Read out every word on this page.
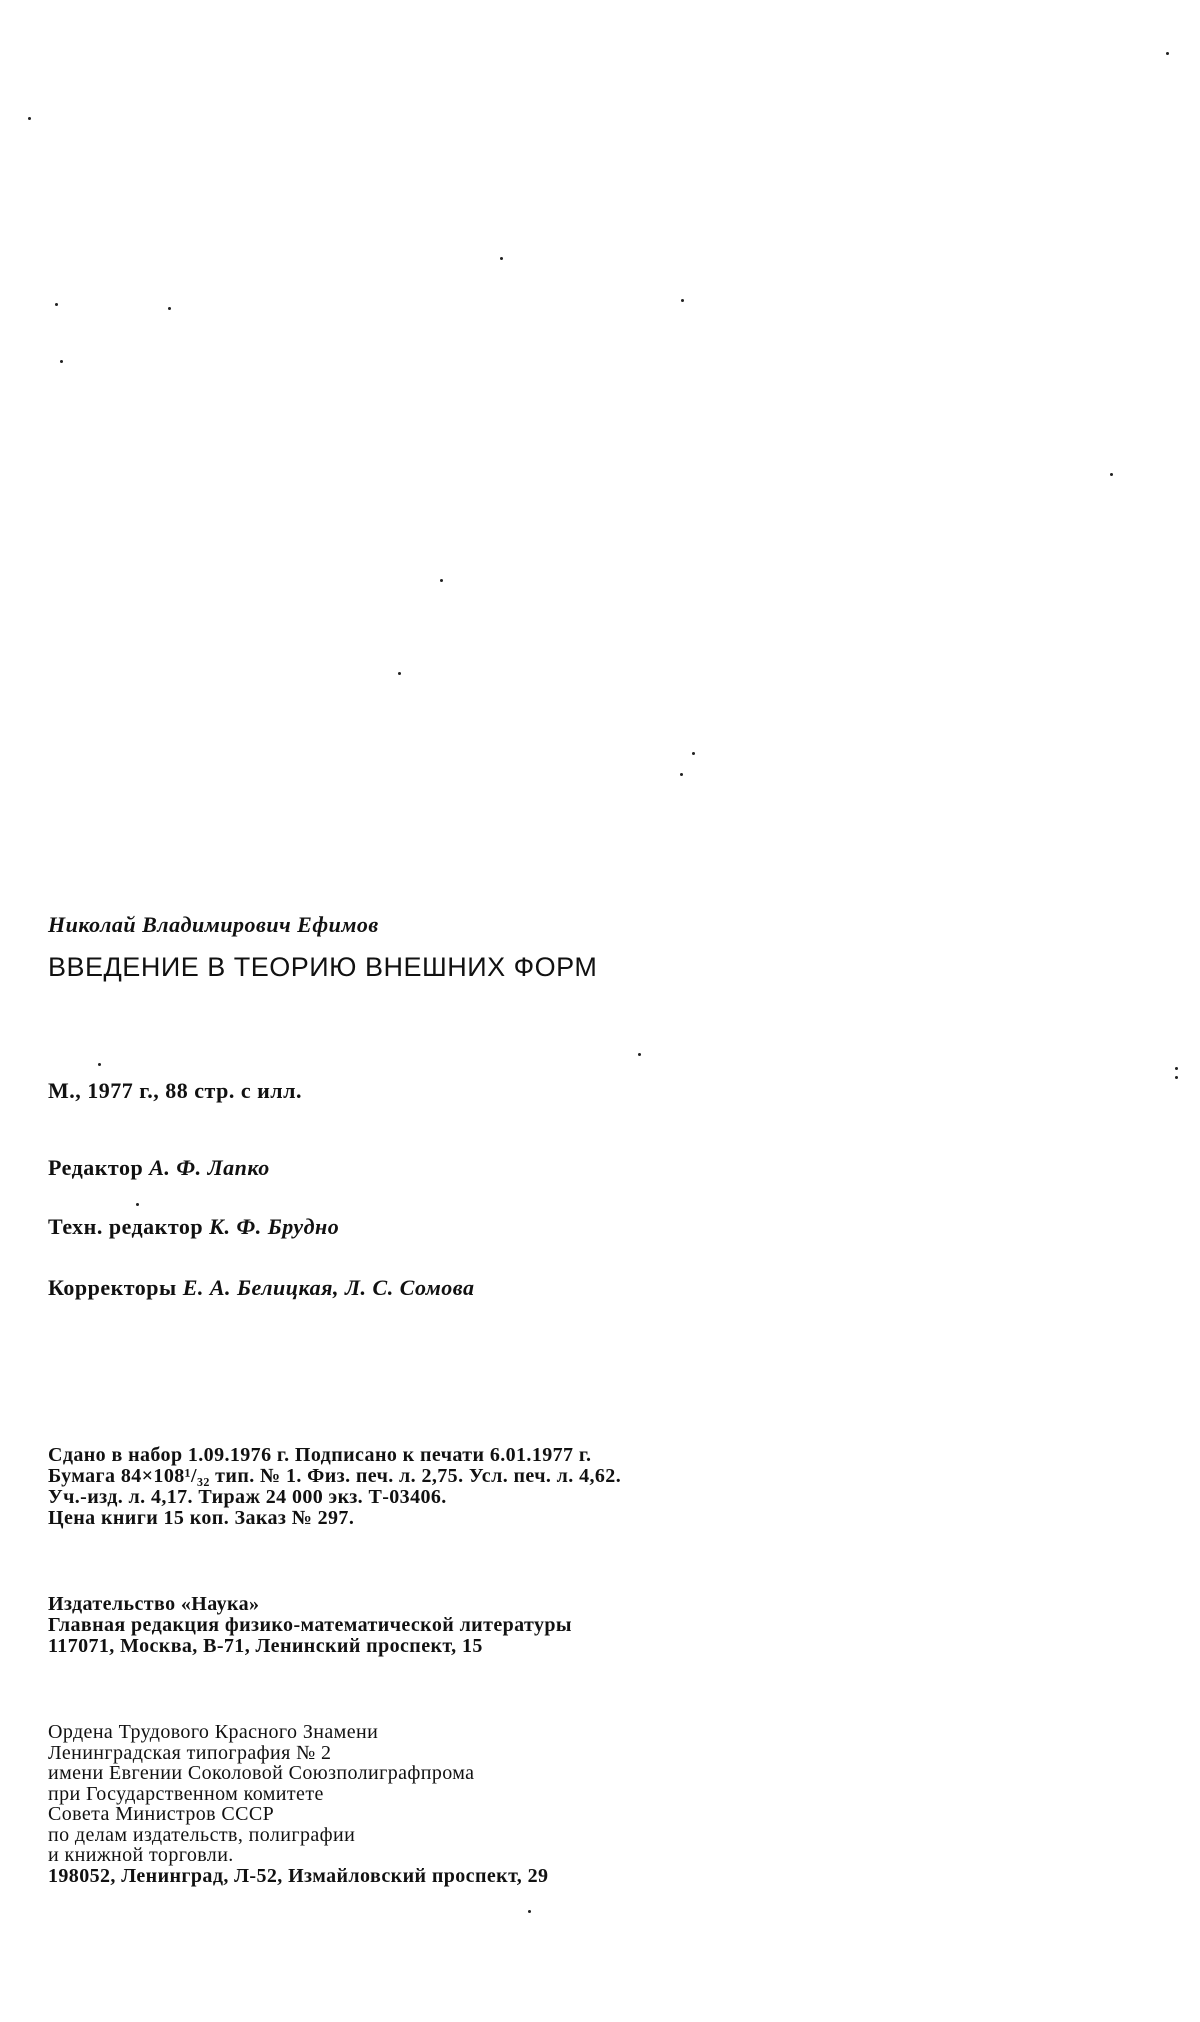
Николай Владимирович Ефимов
ВВЕДЕНИЕ В ТЕОРИЮ ВНЕШНИХ ФОРМ
М., 1977 г., 88 стр. с илл.
Редактор А. Ф. Лапко
Техн. редактор К. Ф. Брудно
Корректоры Е. А. Белицкая, Л. С. Сомова
Сдано в набор 1.09.1976 г. Подписано к печати 6.01.1977 г.
Бумага 84×108¹/₃₂ тип. № 1. Физ. печ. л. 2,75. Усл. печ. л. 4,62.
Уч.-изд. л. 4,17. Тираж 24 000 экз. Т-03406.
Цена книги 15 коп. Заказ № 297.
Издательство «Наука»
Главная редакция физико-математической литературы
117071, Москва, В-71, Ленинский проспект, 15
Ордена Трудового Красного Знамени
Ленинградская типография № 2
имени Евгении Соколовой Союзполиграфпрома
при Государственном комитете
Совета Министров СССР
по делам издательств, полиграфии
и книжной торговли.
198052, Ленинград, Л-52, Измайловский проспект, 29
